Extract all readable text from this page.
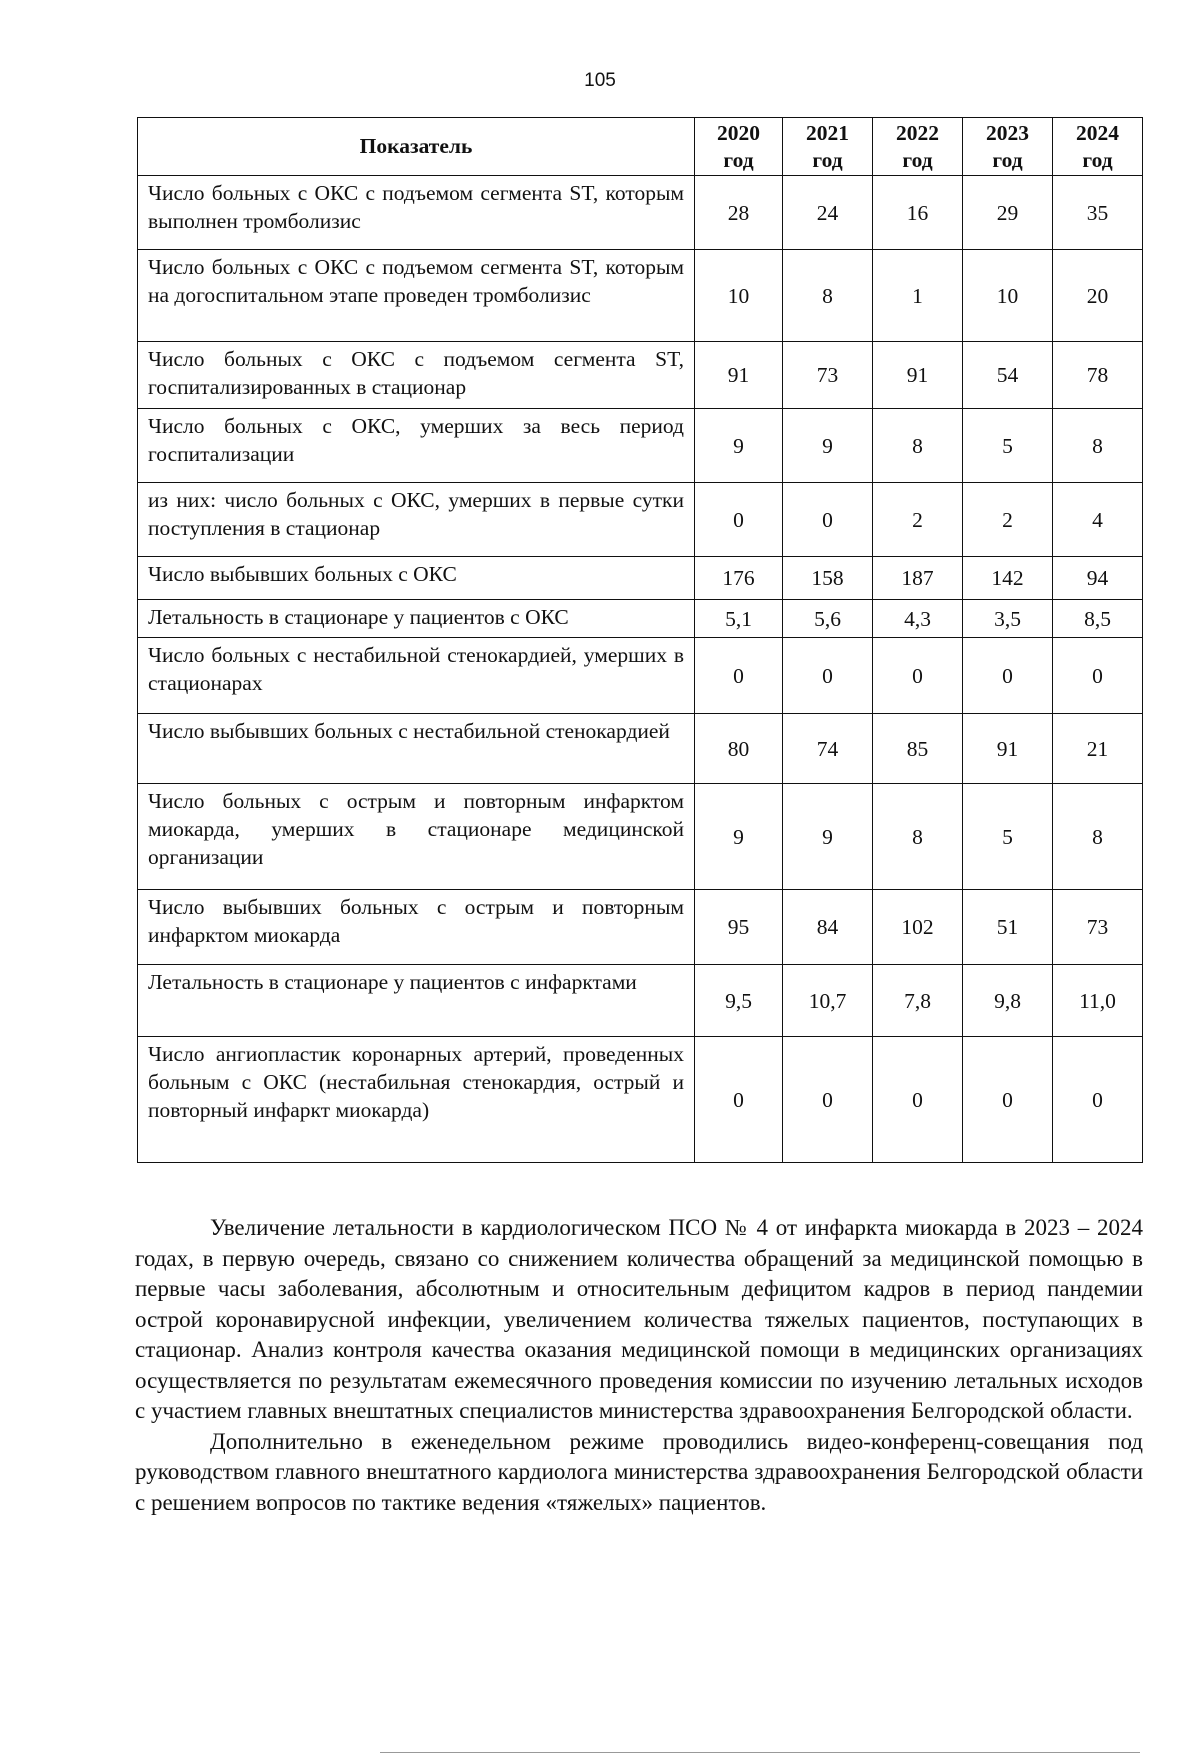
105
Показатель	2020 год	2021 год	2022 год	2023 год	2024 год
Число больных с ОКС с подъемом сегмента ST, которым выполнен тромболизис	28	24	16	29	35
Число больных с ОКС с подъемом сегмента ST, которым на догоспитальном этапе проведен тромболизис	10	8	1	10	20
Число больных с ОКС с подъемом сегмента ST, госпитализированных в стационар	91	73	91	54	78
Число больных с ОКС, умерших за весь период госпитализации	9	9	8	5	8
из них: число больных с ОКС, умерших в первые сутки поступления в стационар	0	0	2	2	4
Число выбывших больных с ОКС	176	158	187	142	94
Летальность в стационаре у пациентов с ОКС	5,1	5,6	4,3	3,5	8,5
Число больных с нестабильной стенокардией, умерших в стационарах	0	0	0	0	0
Число выбывших больных с нестабильной стенокардией	80	74	85	91	21
Число больных с острым и повторным инфарктом миокарда, умерших в стационаре медицинской организации	9	9	8	5	8
Число выбывших больных с острым и повторным инфарктом миокарда	95	84	102	51	73
Летальность в стационаре у пациентов с инфарктами	9,5	10,7	7,8	9,8	11,0
Число ангиопластик коронарных артерий, проведенных больным с ОКС (нестабильная стенокардия, острый и повторный инфаркт миокарда)	0	0	0	0	0

Увеличение летальности в кардиологическом ПСО № 4 от инфаркта миокарда в 2023 – 2024 годах, в первую очередь, связано со снижением количества обращений за медицинской помощью в первые часы заболевания, абсолютным и относительным дефицитом кадров в период пандемии острой коронавирусной инфекции, увеличением количества тяжелых пациентов, поступающих в стационар. Анализ контроля качества оказания медицинской помощи в медицинских организациях осуществляется по результатам ежемесячного проведения комиссии по изучению летальных исходов с участием главных внештатных специалистов министерства здравоохранения Белгородской области.

Дополнительно в еженедельном режиме проводились видео-конференц-совещания под руководством главного внештатного кардиолога министерства здравоохранения Белгородской области с решением вопросов по тактике ведения «тяжелых» пациентов.
